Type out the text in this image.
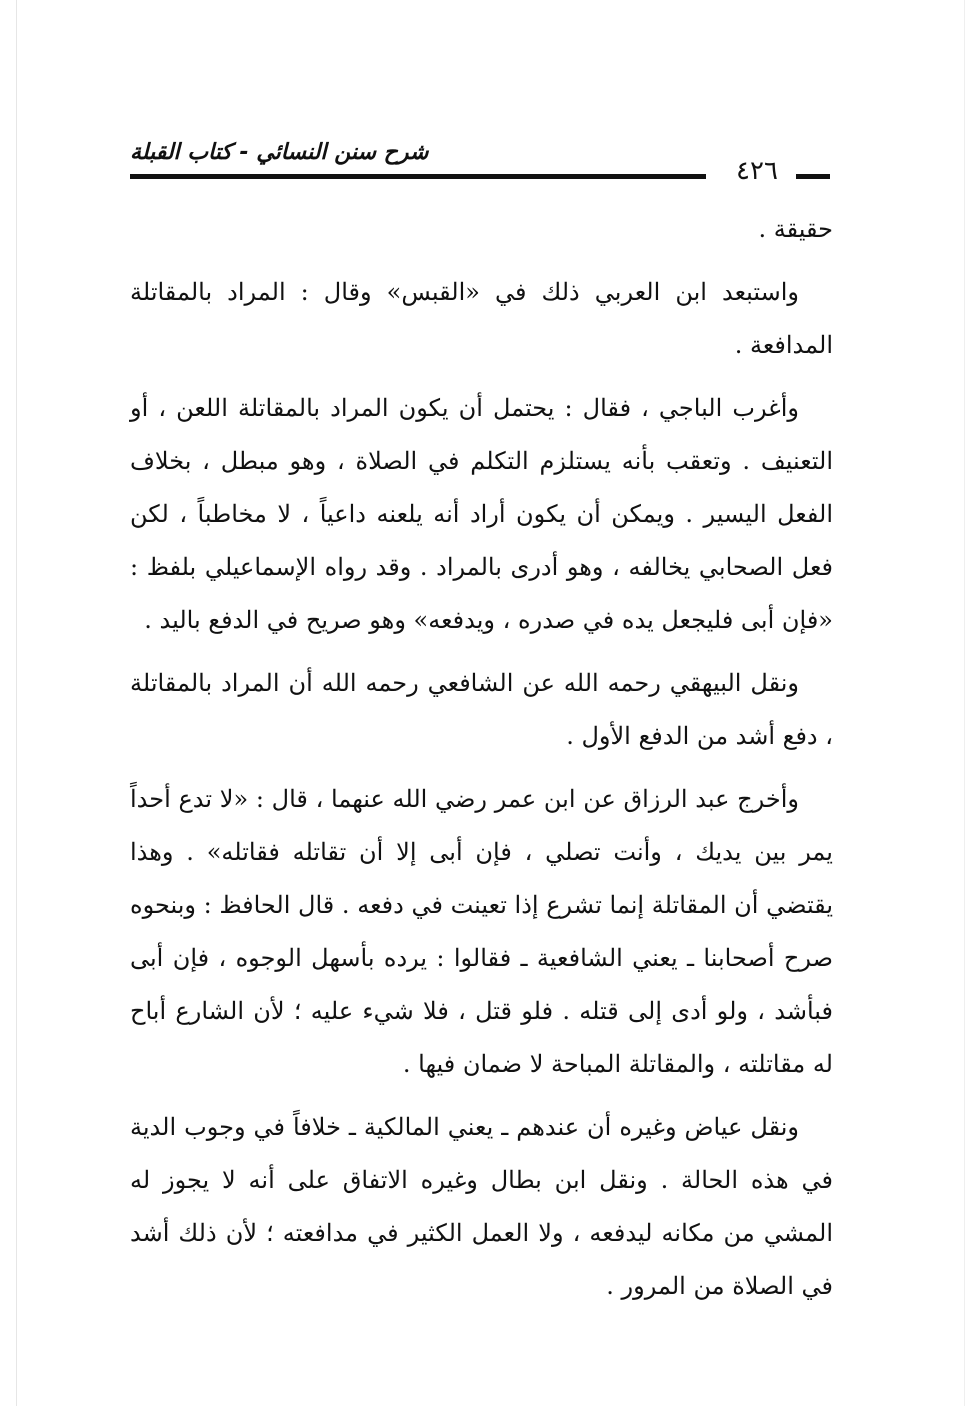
شرح سنن النسائي - كتاب القبلة
٤٢٦

حقيقة .

واستبعد ابن العربي ذلك في «القبس» وقال : المراد بالمقاتلة المدافعة .

وأغرب الباجي ، فقال : يحتمل أن يكون المراد بالمقاتلة اللعن ، أو التعنيف . وتعقب بأنه يستلزم التكلم في الصلاة ، وهو مبطل ، بخلاف الفعل اليسير . ويمكن أن يكون أراد أنه يلعنه داعياً ، لا مخاطباً ، لكن فعل الصحابي يخالفه ، وهو أدرى بالمراد . وقد رواه الإسماعيلي بلفظ : «فإن أبى فليجعل يده في صدره ، ويدفعه» وهو صريح في الدفع باليد .

ونقل البيهقي رحمه الله عن الشافعي رحمه الله أن المراد بالمقاتلة ، دفع أشد من الدفع الأول .

وأخرج عبد الرزاق عن ابن عمر رضي الله عنهما ، قال : «لا تدع أحداً يمر بين يديك ، وأنت تصلي ، فإن أبى إلا أن تقاتله فقاتله» . وهذا يقتضي أن المقاتلة إنما تشرع إذا تعينت في دفعه . قال الحافظ : وبنحوه صرح أصحابنا ـ يعني الشافعية ـ فقالوا : يرده بأسهل الوجوه ، فإن أبى فبأشد ، ولو أدى إلى قتله . فلو قتل ، فلا شيء عليه ؛ لأن الشارع أباح له مقاتلته ، والمقاتلة المباحة لا ضمان فيها .

ونقل عياض وغيره أن عندهم ـ يعني المالكية ـ خلافاً في وجوب الدية في هذه الحالة . ونقل ابن بطال وغيره الاتفاق على أنه لا يجوز له المشي من مكانه ليدفعه ، ولا العمل الكثير في مدافعته ؛ لأن ذلك أشد في الصلاة من المرور .
